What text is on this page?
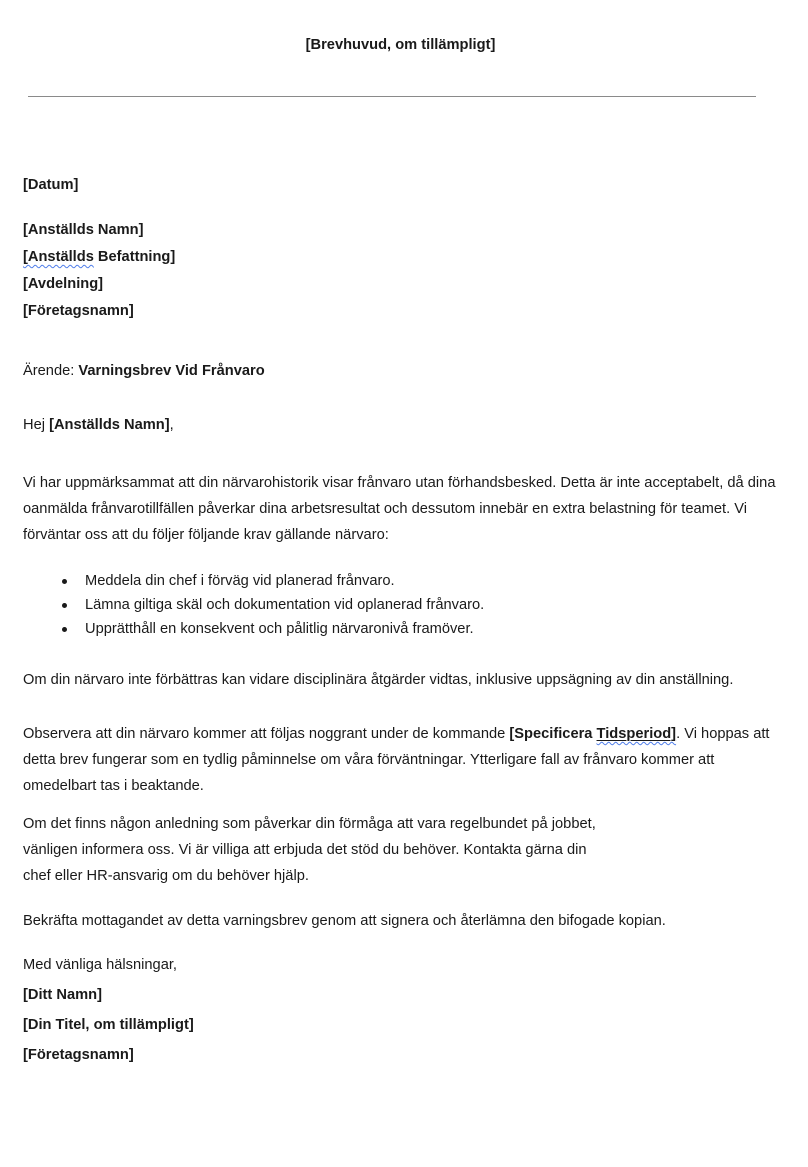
[Brevhuvud, om tillämpligt]

[Datum]

[Anställds Namn]
[Anställds Befattning]
[Avdelning]
[Företagsnamn]

Ärende: Varningsbrev Vid Frånvaro

Hej [Anställds Namn],

Vi har uppmärksammat att din närvarohistorik visar frånvaro utan förhandsbesked. Detta är inte acceptabelt, då dina oanmälda frånvarotillfällen påverkar dina arbetsresultat och dessutom innebär en extra belastning för teamet. Vi förväntar oss att du följer följande krav gällande närvaro:

Meddela din chef i förväg vid planerad frånvaro.
Lämna giltiga skäl och dokumentation vid oplanerad frånvaro.
Upprätthåll en konsekvent och pålitlig närvaronivå framöver.

Om din närvaro inte förbättras kan vidare disciplinära åtgärder vidtas, inklusive uppsägning av din anställning.

Observera att din närvaro kommer att följas noggrant under de kommande [Specificera Tidsperiod]. Vi hoppas att detta brev fungerar som en tydlig påminnelse om våra förväntningar. Ytterligare fall av frånvaro kommer att omedelbart tas i beaktande.

Om det finns någon anledning som påverkar din förmåga att vara regelbundet på jobbet,
vänligen informera oss. Vi är villiga att erbjuda det stöd du behöver. Kontakta gärna din
chef eller HR-ansvarig om du behöver hjälp.

Bekräfta mottagandet av detta varningsbrev genom att signera och återlämna den bifogade kopian.

Med vänliga hälsningar,

[Ditt Namn]

[Din Titel, om tillämpligt]

[Företagsnamn]
